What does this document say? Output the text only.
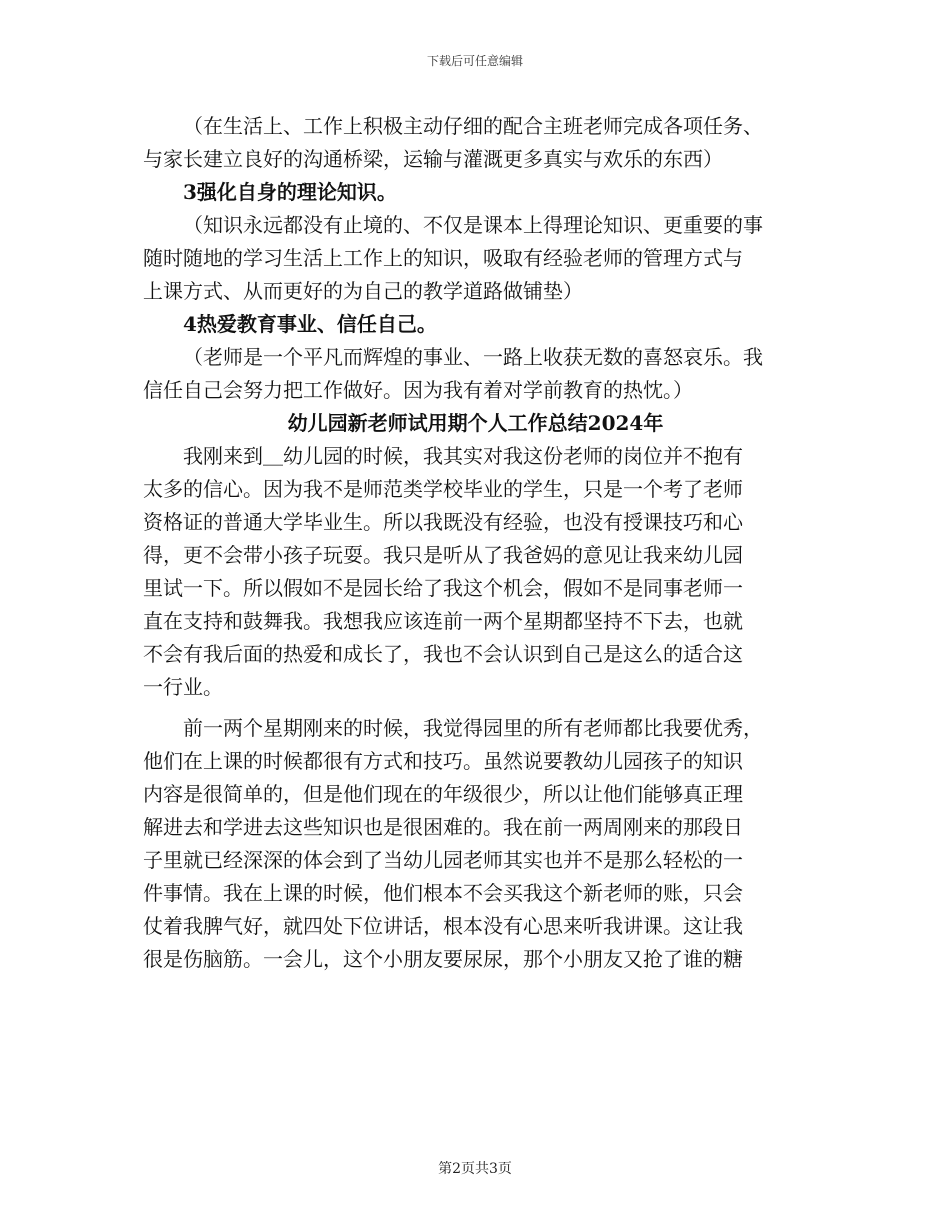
下载后可任意编辑

（在生活上、工作上积极主动仔细的配合主班老师完成各项任务、
与家长建立良好的沟通桥梁，运输与灌溉更多真实与欢乐的东西）

3强化自身的理论知识。

（知识永远都没有止境的、不仅是课本上得理论知识、更重要的事
随时随地的学习生活上工作上的知识，吸取有经验老师的管理方式与
上课方式、从而更好的为自己的教学道路做铺垫）

4热爱教育事业、信任自己。

（老师是一个平凡而辉煌的事业、一路上收获无数的喜怒哀乐。我
信任自己会努力把工作做好。因为我有着对学前教育的热忱。）

幼儿园新老师试用期个人工作总结2024年

我刚来到＿幼儿园的时候，我其实对我这份老师的岗位并不抱有
太多的信心。因为我不是师范类学校毕业的学生，只是一个考了老师
资格证的普通大学毕业生。所以我既没有经验，也没有授课技巧和心
得，更不会带小孩子玩耍。我只是听从了我爸妈的意见让我来幼儿园
里试一下。所以假如不是园长给了我这个机会，假如不是同事老师一
直在支持和鼓舞我。我想我应该连前一两个星期都坚持不下去，也就
不会有我后面的热爱和成长了，我也不会认识到自己是这么的适合这
一行业。

前一两个星期刚来的时候，我觉得园里的所有老师都比我要优秀，
他们在上课的时候都很有方式和技巧。虽然说要教幼儿园孩子的知识
内容是很简单的，但是他们现在的年级很少，所以让他们能够真正理
解进去和学进去这些知识也是很困难的。我在前一两周刚来的那段日
子里就已经深深的体会到了当幼儿园老师其实也并不是那么轻松的一
件事情。我在上课的时候，他们根本不会买我这个新老师的账，只会
仗着我脾气好，就四处下位讲话，根本没有心思来听我讲课。这让我
很是伤脑筋。一会儿，这个小朋友要尿尿，那个小朋友又抢了谁的糖

第2页共3页
